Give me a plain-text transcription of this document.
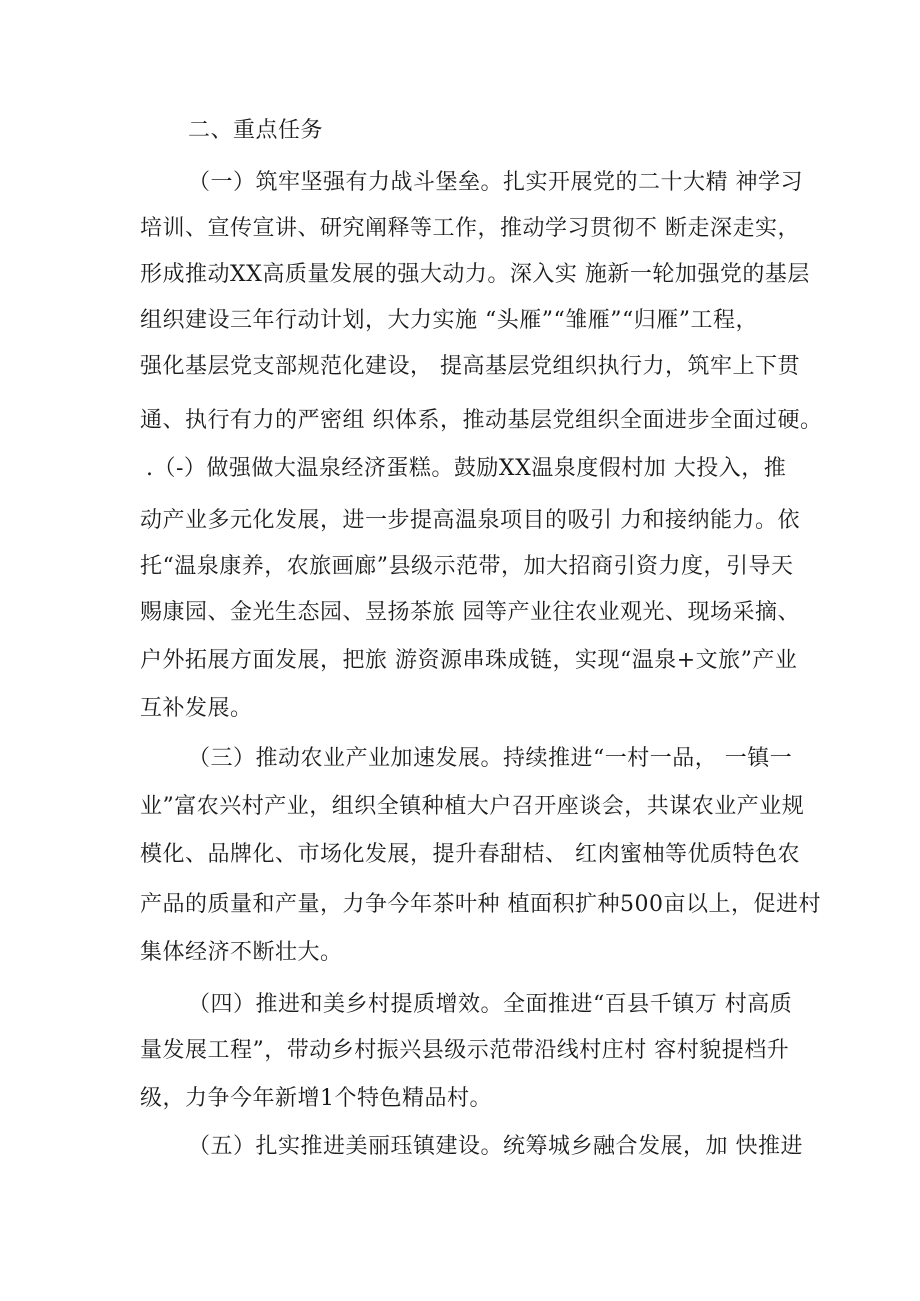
二、重点任务
（一）筑牢坚强有力战斗堡垒。扎实开展党的二十大精 神学习
培训、宣传宣讲、研究阐释等工作，推动学习贯彻不 断走深走实，
形成推动XX高质量发展的强大动力。深入实 施新一轮加强党的基层
组织建设三年行动计划，大力实施 “头雁”“雏雁”“归雁”工程，
强化基层党支部规范化建设， 提高基层党组织执行力，筑牢上下贯
通、执行有力的严密组 织体系，推动基层党组织全面进步全面过硬。
.（-）做强做大温泉经济蛋糕。鼓励XX温泉度假村加 大投入，推
动产业多元化发展，进一步提高温泉项目的吸引 力和接纳能力。依
托“温泉康养，农旅画廊”县级示范带，加大招商引资力度，引导天
赐康园、金光生态园、昱扬茶旅 园等产业往农业观光、现场采摘、
户外拓展方面发展，把旅 游资源串珠成链，实现“温泉+文旅”产业
互补发展。
（三）推动农业产业加速发展。持续推进“一村一品， 一镇一
业”富农兴村产业，组织全镇种植大户召开座谈会，共谋农业产业规
模化、品牌化、市场化发展，提升春甜桔、 红肉蜜柚等优质特色农
产品的质量和产量，力争今年茶叶种 植面积扩种500亩以上，促进村
集体经济不断壮大。
（四）推进和美乡村提质增效。全面推进“百县千镇万 村高质
量发展工程”，带动乡村振兴县级示范带沿线村庄村 容村貌提档升
级，力争今年新增1个特色精品村。
（五）扎实推进美丽珏镇建设。统筹城乡融合发展，加 快推进
